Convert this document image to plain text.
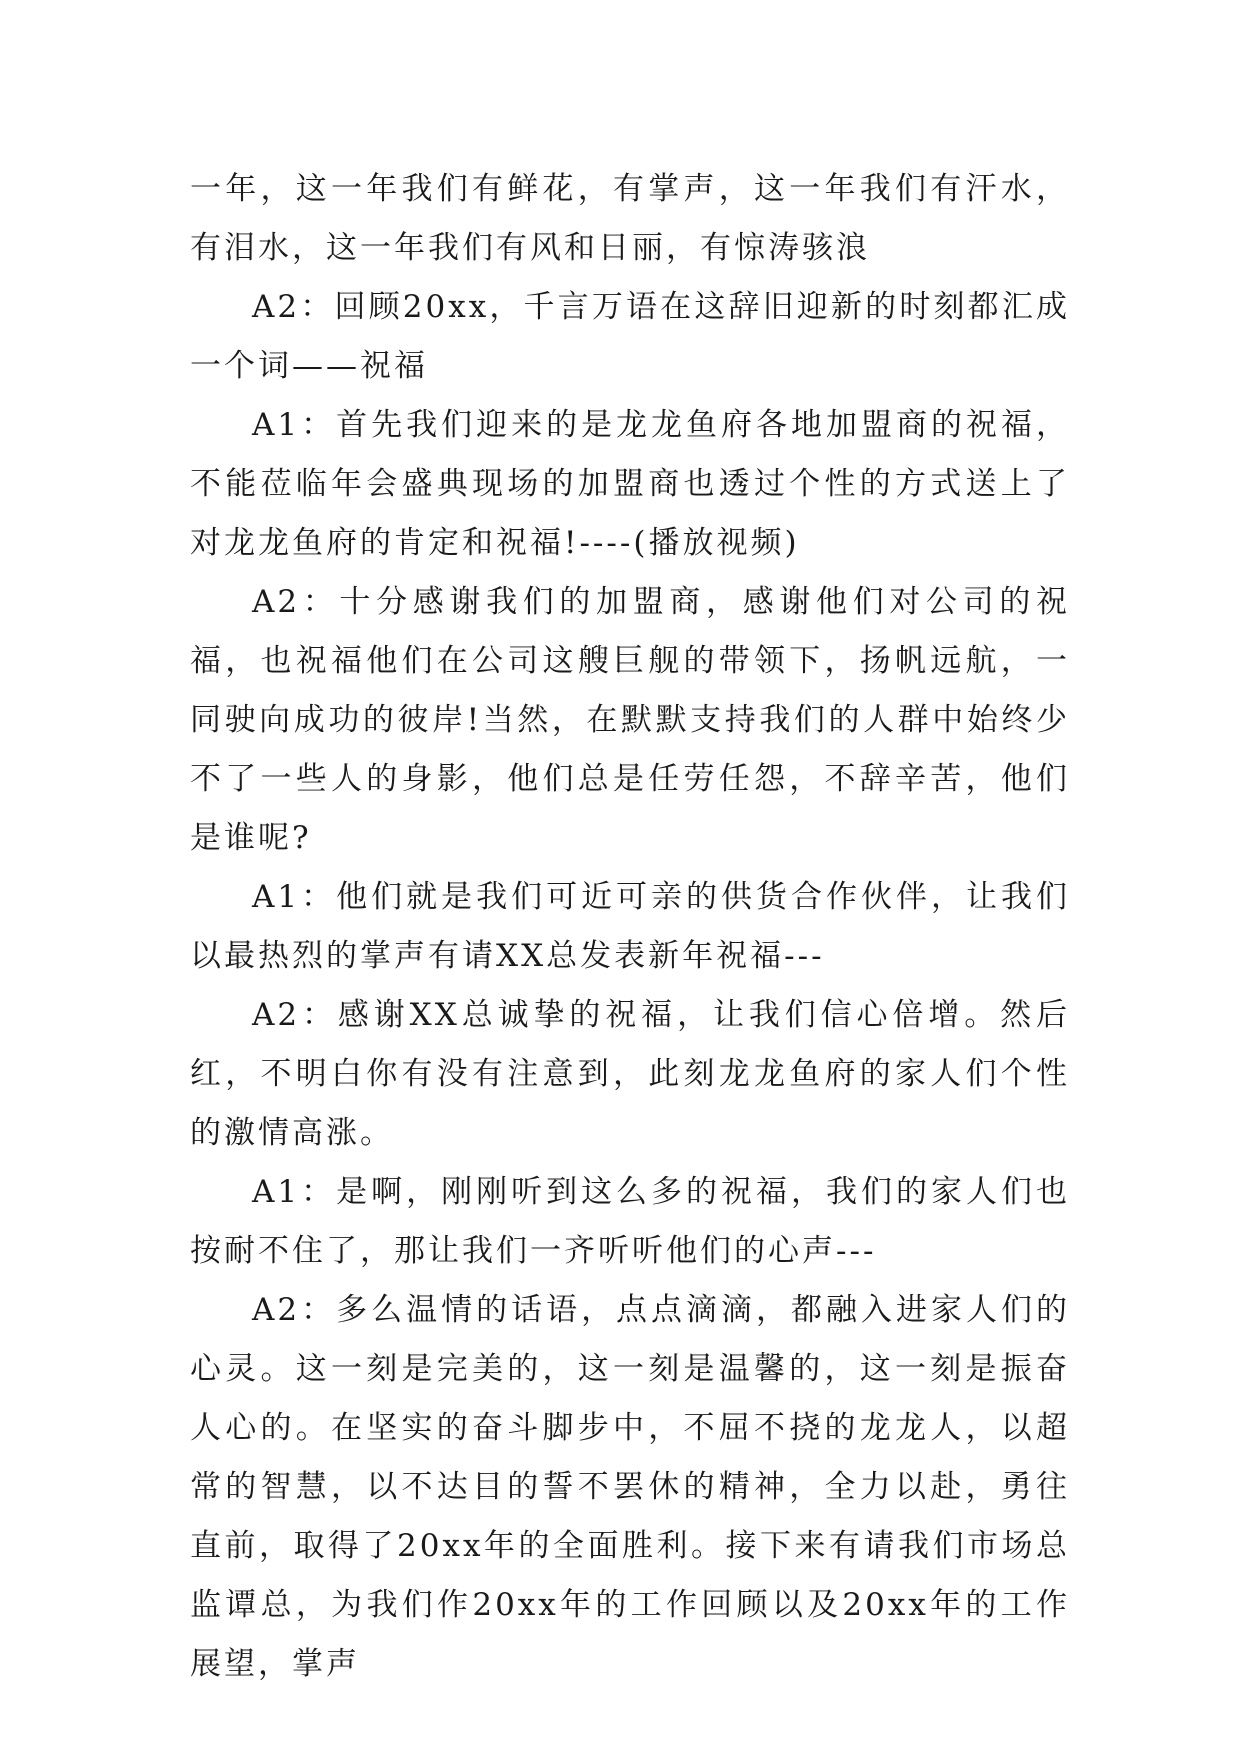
一年，这一年我们有鲜花，有掌声，这一年我们有汗水，有泪水，这一年我们有风和日丽，有惊涛骇浪

A2：回顾20xx，千言万语在这辞旧迎新的时刻都汇成一个词——祝福

A1：首先我们迎来的是龙龙鱼府各地加盟商的祝福，不能莅临年会盛典现场的加盟商也透过个性的方式送上了对龙龙鱼府的肯定和祝福!----(播放视频)

A2：十分感谢我们的加盟商，感谢他们对公司的祝福，也祝福他们在公司这艘巨舰的带领下，扬帆远航，一同驶向成功的彼岸!当然，在默默支持我们的人群中始终少不了一些人的身影，他们总是任劳任怨，不辞辛苦，他们是谁呢?

A1：他们就是我们可近可亲的供货合作伙伴，让我们以最热烈的掌声有请XX总发表新年祝福---

A2：感谢XX总诚挚的祝福，让我们信心倍增。然后红，不明白你有没有注意到，此刻龙龙鱼府的家人们个性的激情高涨。

A1：是啊，刚刚听到这么多的祝福，我们的家人们也按耐不住了，那让我们一齐听听他们的心声---

A2：多么温情的话语，点点滴滴，都融入进家人们的心灵。这一刻是完美的，这一刻是温馨的，这一刻是振奋人心的。在坚实的奋斗脚步中，不屈不挠的龙龙人，以超常的智慧，以不达目的誓不罢休的精神，全力以赴，勇往直前，取得了20xx年的全面胜利。接下来有请我们市场总监谭总，为我们作20xx年的工作回顾以及20xx年的工作展望，掌声
